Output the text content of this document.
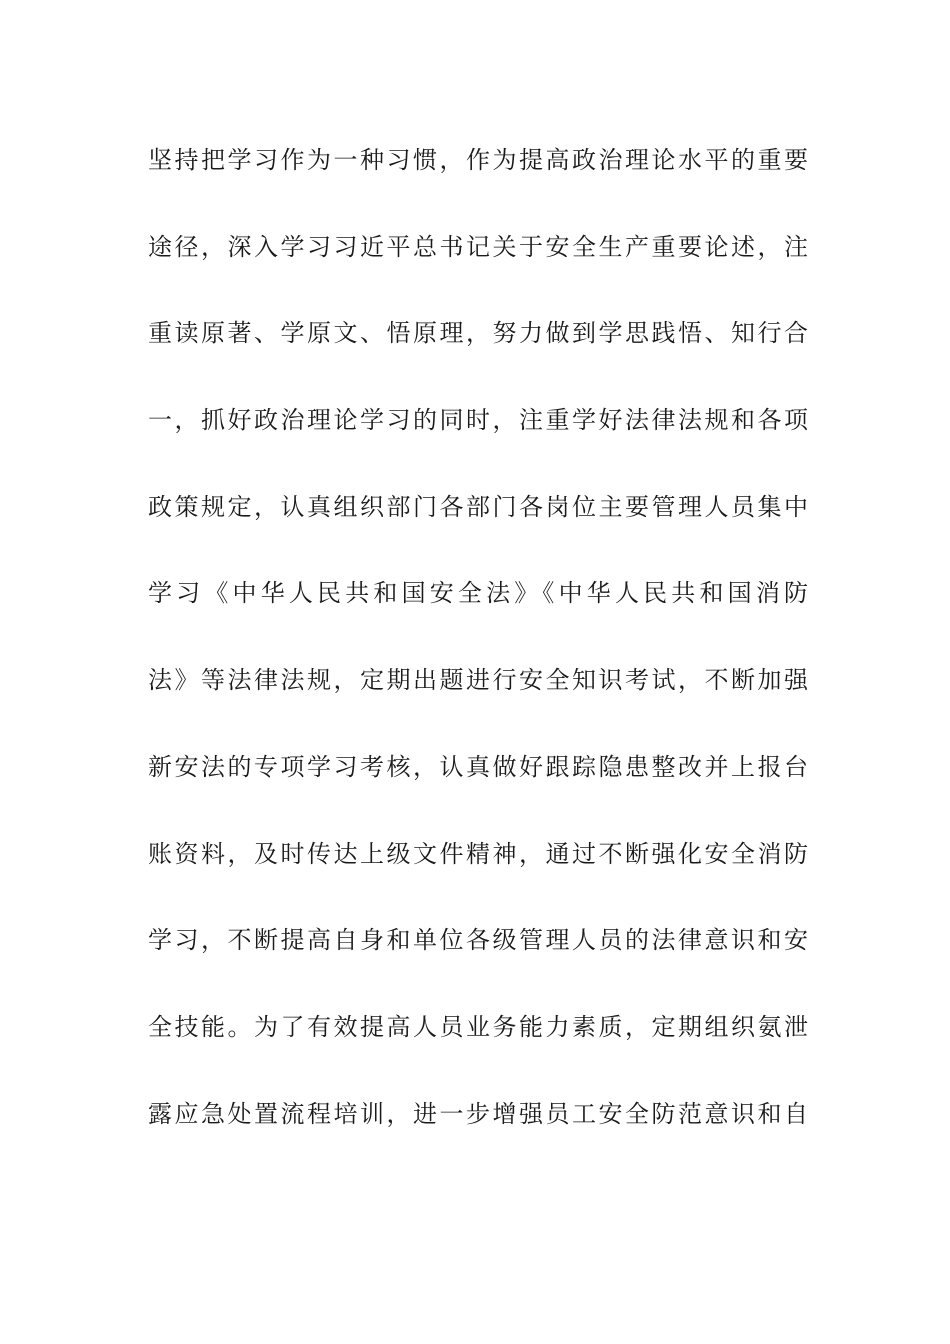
坚持把学习作为一种习惯，作为提高政治理论水平的重要
途径，深入学习习近平总书记关于安全生产重要论述，注
重读原著、学原文、悟原理，努力做到学思践悟、知行合
一，抓好政治理论学习的同时，注重学好法律法规和各项
政策规定，认真组织部门各部门各岗位主要管理人员集中
学习《中华人民共和国安全法》《中华人民共和国消防
法》等法律法规，定期出题进行安全知识考试，不断加强
新安法的专项学习考核，认真做好跟踪隐患整改并上报台
账资料，及时传达上级文件精神，通过不断强化安全消防
学习，不断提高自身和单位各级管理人员的法律意识和安
全技能。为了有效提高人员业务能力素质，定期组织氨泄
露应急处置流程培训，进一步增强员工安全防范意识和自
